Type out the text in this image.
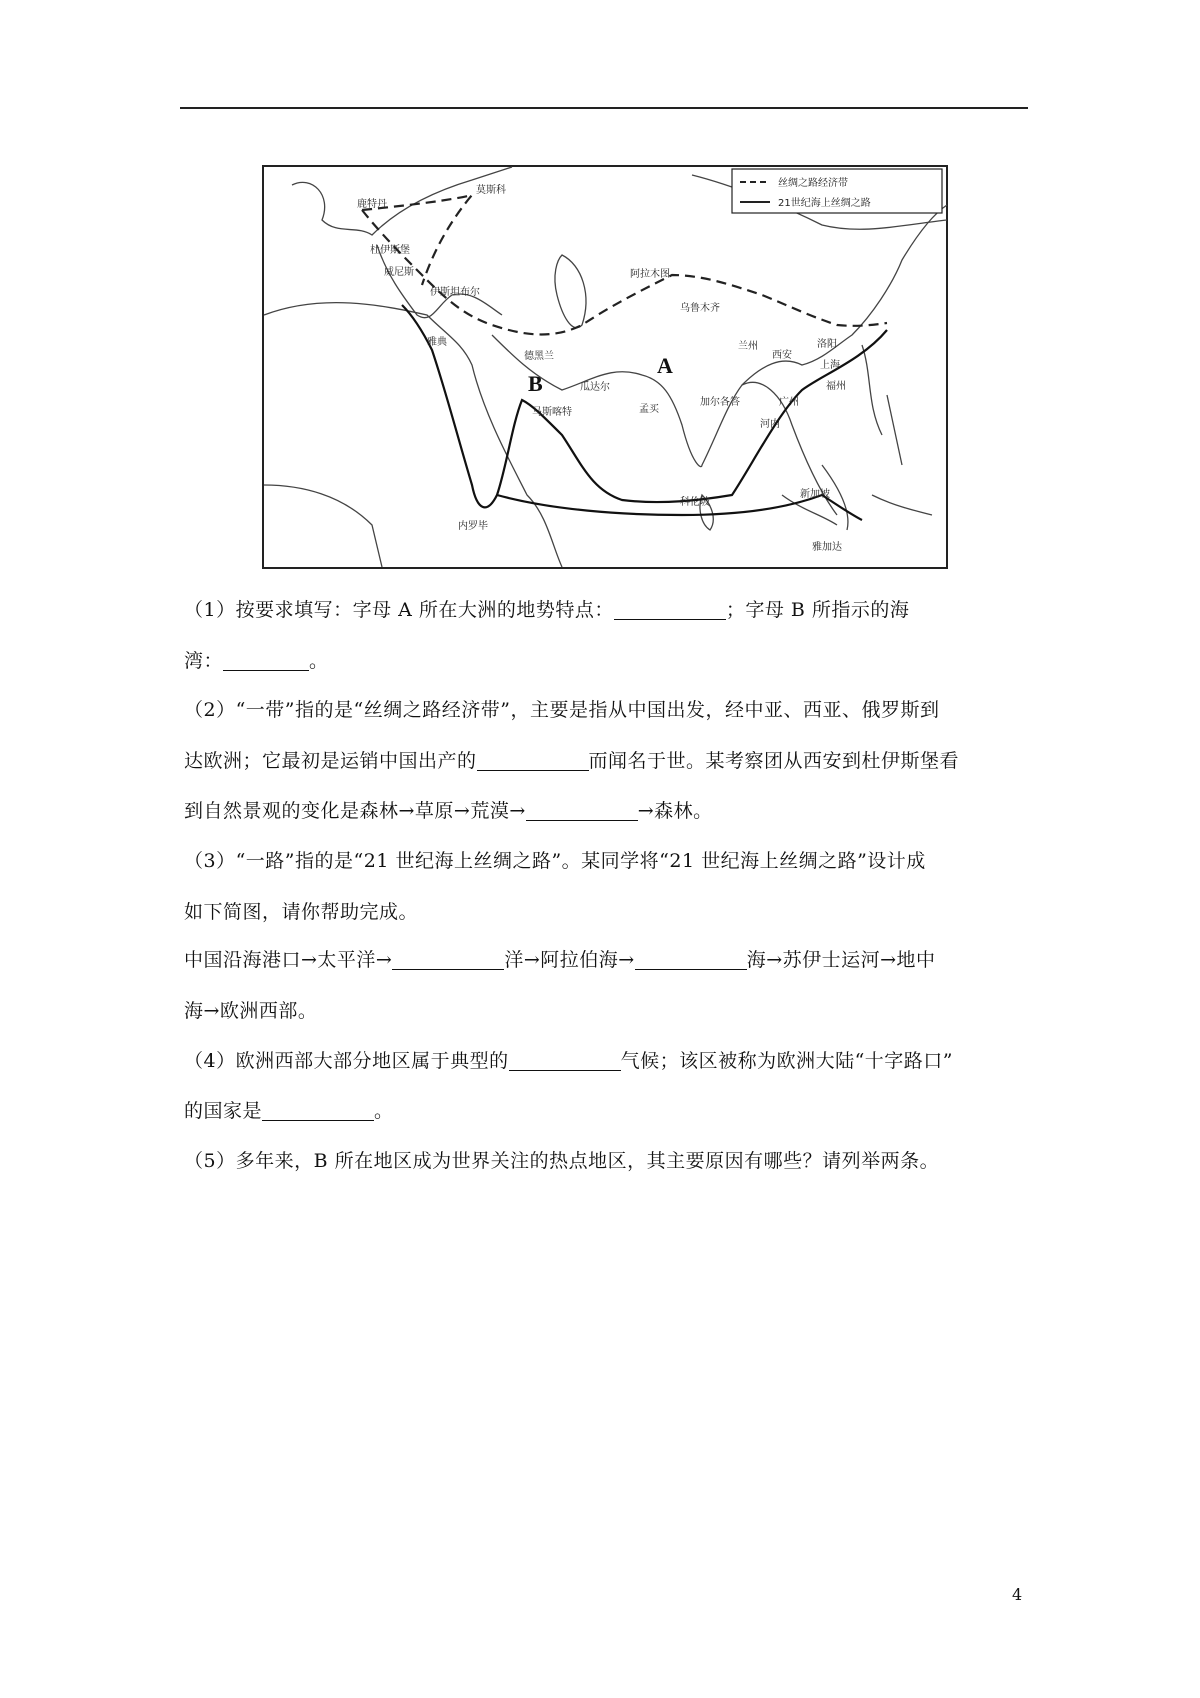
丝绸之路经济带
21世纪海上丝绸之路
A
B
鹿特丹
莫斯科
杜伊斯堡
威尼斯
伊斯坦布尔
雅典
德黑兰
阿拉木图
乌鲁木齐
兰州
西安
洛阳
上海
福州
广州
河内
瓜达尔
马斯喀特	孟买
加尔各答
科伦坡
新加坡
雅加达
内罗毕

（1）按要求填写：字母 A 所在大洲的地势特点：	；字母 B 所指示的海

湾：	。

（2）“一带”指的是“丝绸之路经济带”，主要是指从中国出发，经中亚、西亚、俄罗斯到

达欧洲；它最初是运销中国出产的	而闻名于世。某考察团从西安到杜伊斯堡看

到自然景观的变化是森林→草原→荒漠→	→森林。

（3）“一路”指的是“21 世纪海上丝绸之路”。某同学将“21 世纪海上丝绸之路”设计成

如下简图，请你帮助完成。

中国沿海港口→太平洋→	洋→阿拉伯海→	海→苏伊士运河→地中

海→欧洲西部。

（4）欧洲西部大部分地区属于典型的	气候；该区被称为欧洲大陆“十字路口”

的国家是	。

（5）多年来，B 所在地区成为世界关注的热点地区，其主要原因有哪些？请列举两条。

4
